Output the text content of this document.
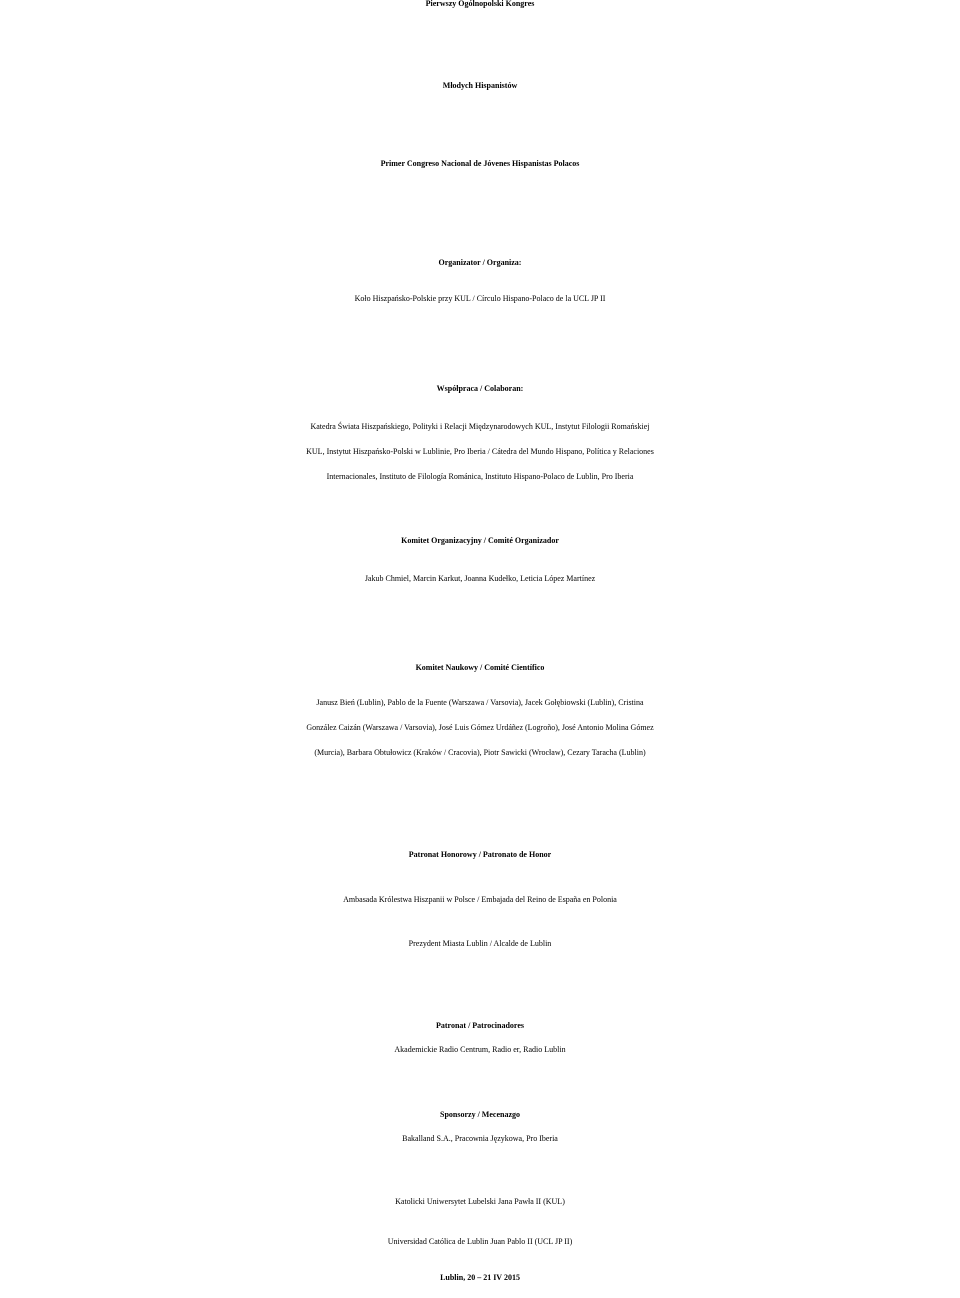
Pierwszy Ogólnopolski Kongres
Młodych Hispanistów
Primer Congreso Nacional de Jóvenes Hispanistas Polacos
Organizator / Organiza:
Koło Hiszpańsko-Polskie przy KUL / Círculo Hispano-Polaco de la UCL JP II
Współpraca / Colaboran:
Katedra Świata Hiszpańskiego, Polityki i Relacji Międzynarodowych KUL, Instytut Filologii Romańskiej
KUL, Instytut Hiszpańsko-Polski w Lublinie, Pro Iberia / Cátedra del Mundo Hispano, Política y Relaciones
Internacionales, Instituto de Filología Románica, Instituto Hispano-Polaco de Lublin, Pro Iberia
Komitet Organizacyjny / Comité Organizador
Jakub Chmiel, Marcin Karkut, Joanna Kudełko, Leticia López Martínez
Komitet Naukowy / Comité Científico
Janusz Bień (Lublin), Pablo de la Fuente (Warszawa / Varsovia), Jacek Gołębiowski (Lublin), Cristina
González Caizán (Warszawa / Varsovia), José Luis Gómez Urdáñez (Logroño), José Antonio Molina Gómez
(Murcia), Barbara Obtułowicz (Kraków / Cracovia), Piotr Sawicki (Wrocław), Cezary Taracha (Lublin)
Patronat Honorowy / Patronato de Honor
Ambasada Królestwa Hiszpanii w Polsce / Embajada del Reino de España en Polonia
Prezydent Miasta Lublin / Alcalde de Lublin
Patronat / Patrocinadores
Akademickie Radio Centrum, Radio er, Radio Lublin
Sponsorzy / Mecenazgo
Bakalland S.A., Pracownia Językowa, Pro Iberia
Katolicki Uniwersytet Lubelski Jana Pawła II (KUL)
Universidad Católica de Lublin Juan Pablo II (UCL JP II)
Lublin, 20 – 21 IV 2015
